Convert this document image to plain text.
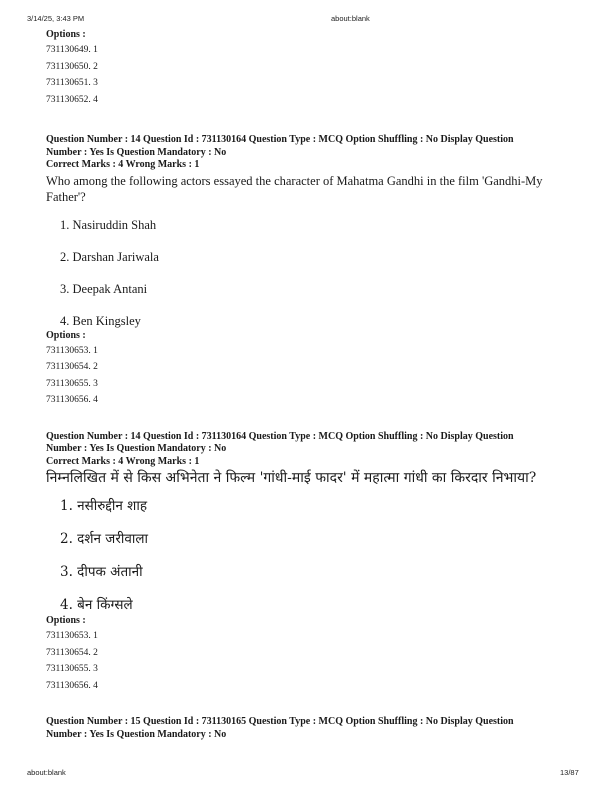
3/14/25, 3:43 PM	about:blank
Options :
731130649. 1
731130650. 2
731130651. 3
731130652. 4
Question Number : 14 Question Id : 731130164 Question Type : MCQ Option Shuffling : No Display Question
Number : Yes Is Question Mandatory : No
Correct Marks : 4 Wrong Marks : 1
Who among the following actors essayed the character of Mahatma Gandhi in the film 'Gandhi-My Father'?
1. Nasiruddin Shah
2. Darshan Jariwala
3. Deepak Antani
4. Ben Kingsley
Options :
731130653. 1
731130654. 2
731130655. 3
731130656. 4
Question Number : 14 Question Id : 731130164 Question Type : MCQ Option Shuffling : No Display Question
Number : Yes Is Question Mandatory : No
Correct Marks : 4 Wrong Marks : 1
निम्नलिखित में से किस अभिनेता ने फिल्म 'गांधी-माई फादर' में महात्मा गांधी का किरदार निभाया?
1. नसीरुद्दीन शाह
2. दर्शन जरीवाला
3. दीपक अंतानी
4. बेन किंग्सले
Options :
731130653. 1
731130654. 2
731130655. 3
731130656. 4
Question Number : 15 Question Id : 731130165 Question Type : MCQ Option Shuffling : No Display Question
Number : Yes Is Question Mandatory : No
about:blank	13/87
